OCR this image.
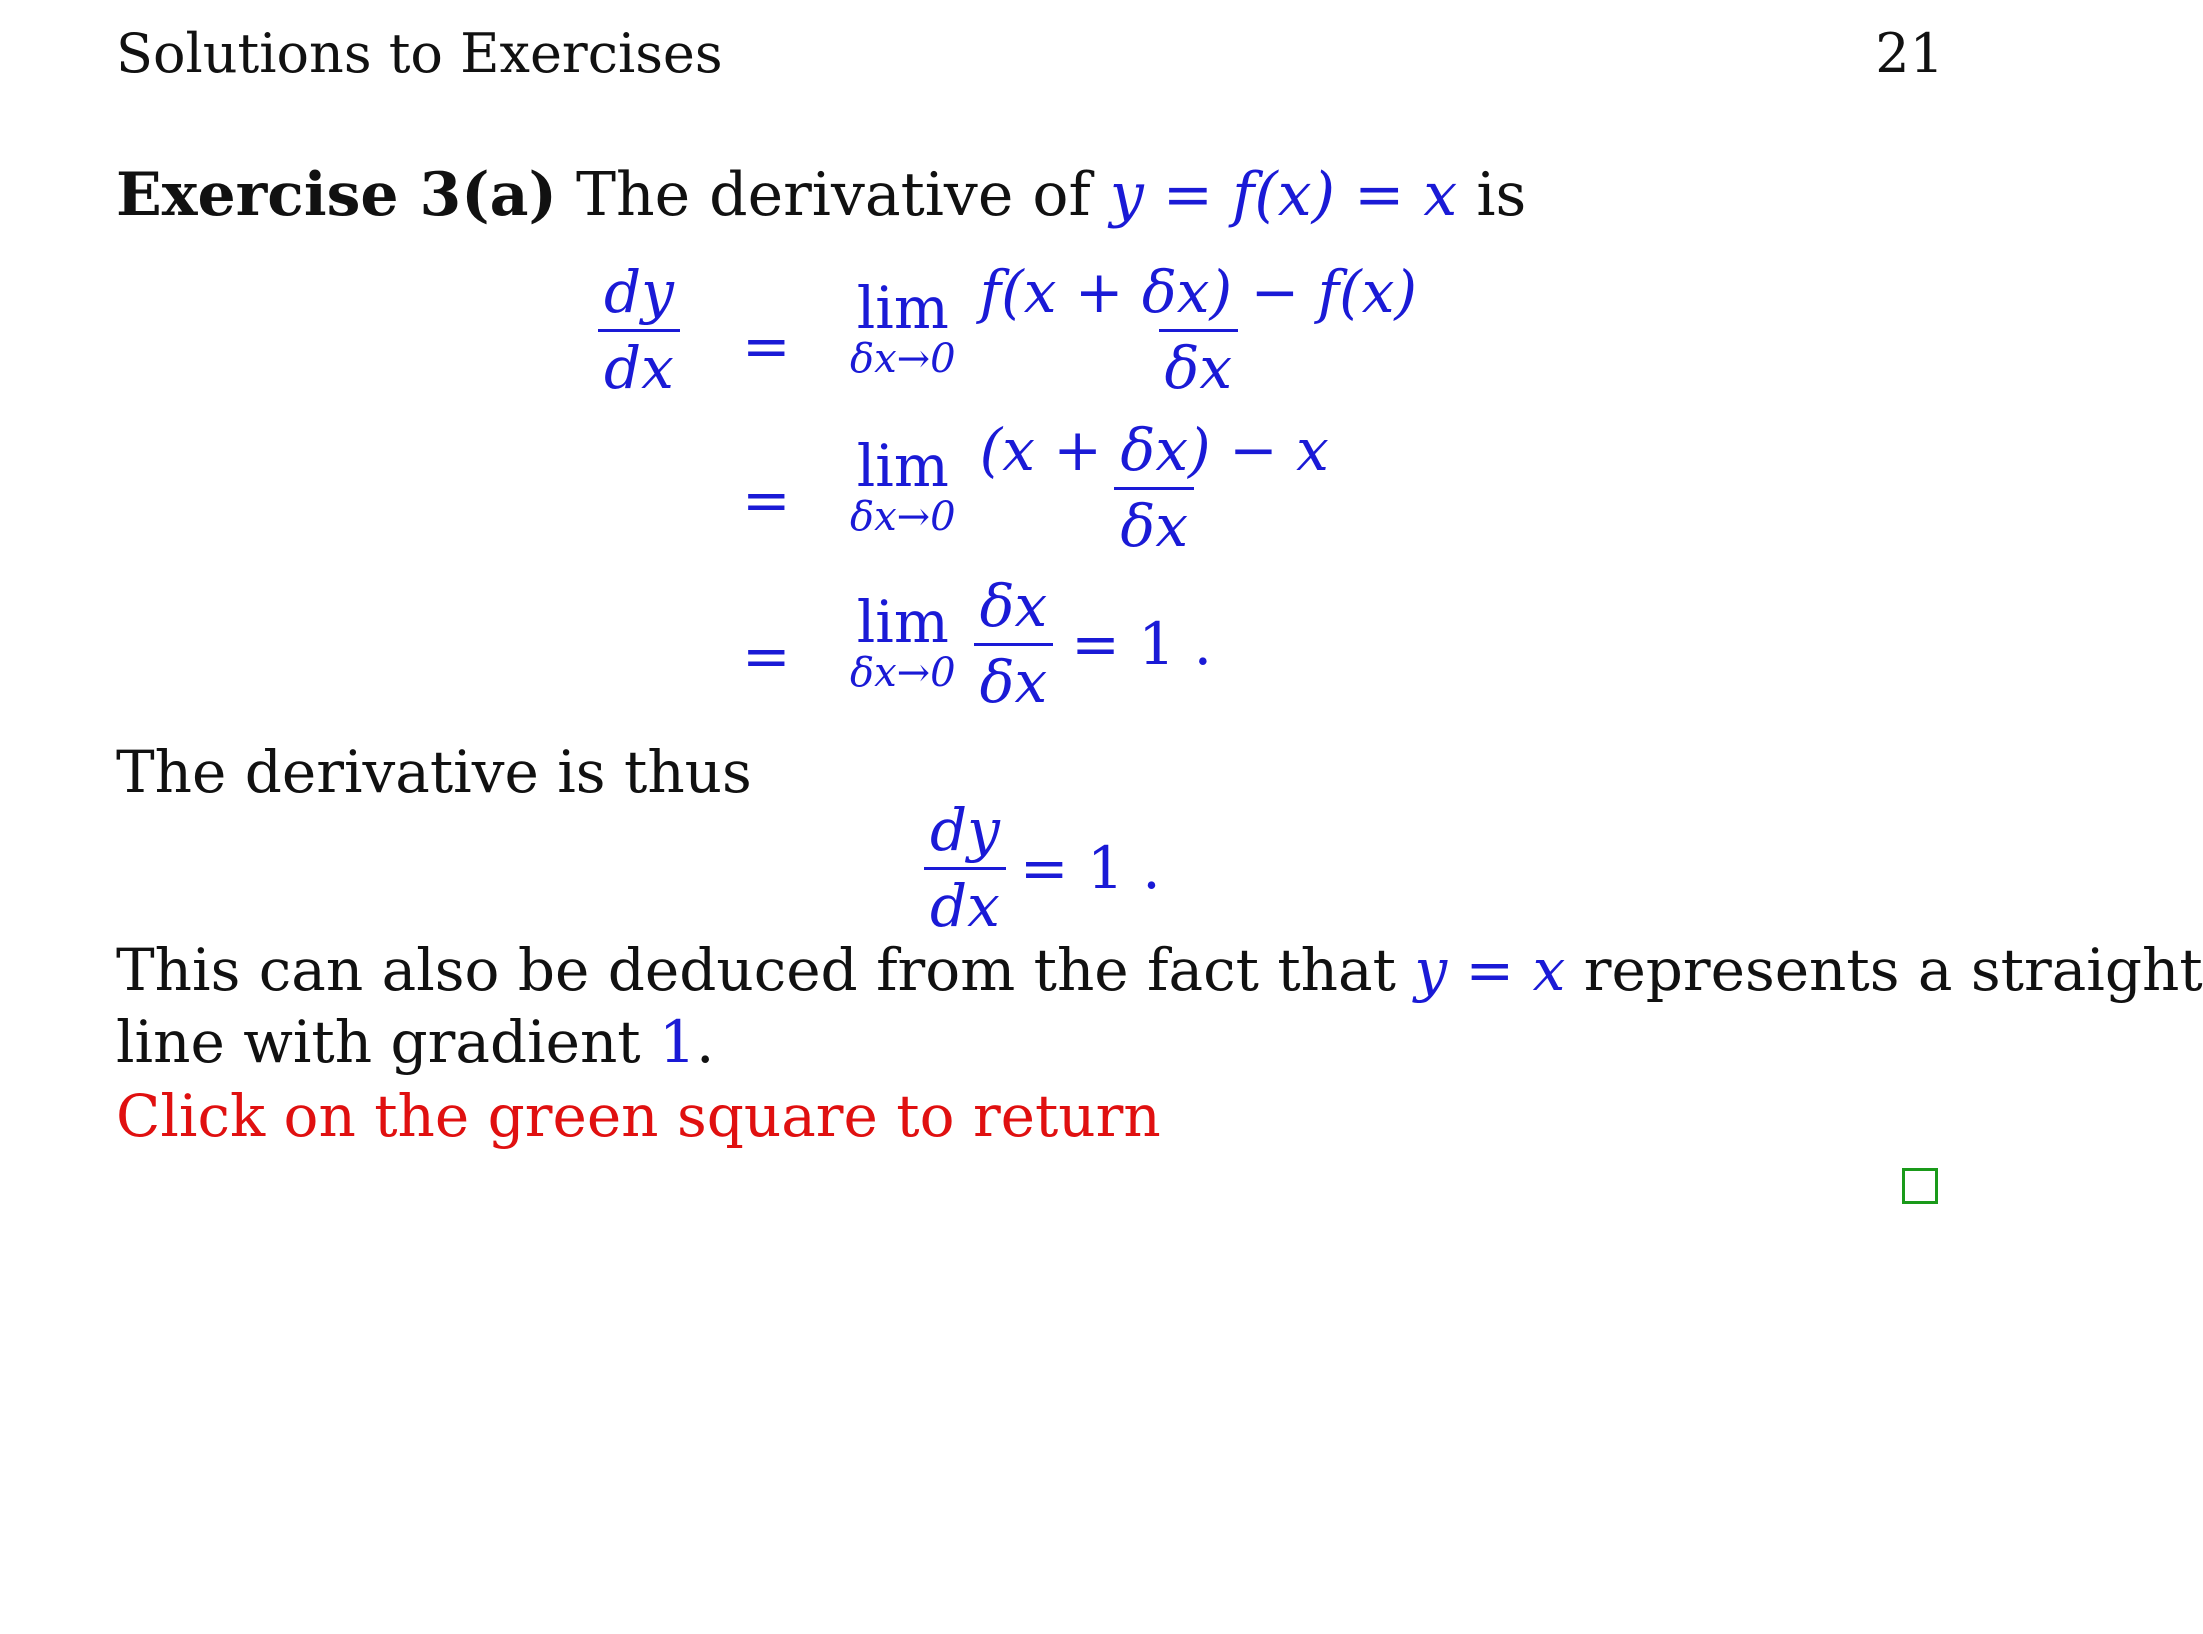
Solutions to Exercises	21
Exercise 3(a) The derivative of y = f(x) = x is
$\frac{dy}{dx}$ =
=
=
lim
$\delta x\to 0 \frac{f(x + \delta x) - f(x)}{\delta x}$
lim
$\delta x\to 0 \frac{(x + \delta x) - x}{\delta x}$
lim
$\delta x\to 0 \frac{\delta x}{\delta x} = 1$ .
The derivative is thus
$\frac{dy}{dx} = 1$ .
This can also be deduced from the fact that y = x represents a straight
line with gradient 1.
Click on the green square to return
